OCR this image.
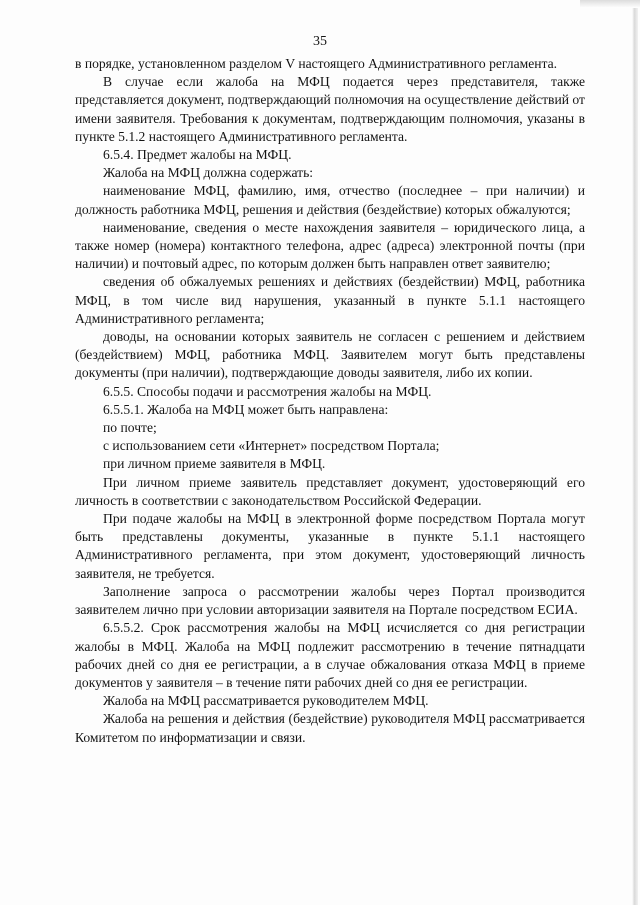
35

в порядке, установленном разделом V настоящего Административного регламента.

В случае если жалоба на МФЦ подается через представителя, также представляется документ, подтверждающий полномочия на осуществление действий от имени заявителя. Требования к документам, подтверждающим полномочия, указаны в пункте 5.1.2 настоящего Административного регламента.

6.5.4. Предмет жалобы на МФЦ.

Жалоба на МФЦ должна содержать:

наименование МФЦ, фамилию, имя, отчество (последнее – при наличии) и должность работника МФЦ, решения и действия (бездействие) которых обжалуются;

наименование, сведения о месте нахождения заявителя – юридического лица, а также номер (номера) контактного телефона, адрес (адреса) электронной почты (при наличии) и почтовый адрес, по которым должен быть направлен ответ заявителю;

сведения об обжалуемых решениях и действиях (бездействии) МФЦ, работника МФЦ, в том числе вид нарушения, указанный в пункте 5.1.1 настоящего Административного регламента;

доводы, на основании которых заявитель не согласен с решением и действием (бездействием) МФЦ, работника МФЦ. Заявителем могут быть представлены документы (при наличии), подтверждающие доводы заявителя, либо их копии.

6.5.5. Способы подачи и рассмотрения жалобы на МФЦ.

6.5.5.1. Жалоба на МФЦ может быть направлена:

по почте;

с использованием сети «Интернет» посредством Портала;

при личном приеме заявителя в МФЦ.

При личном приеме заявитель представляет документ, удостоверяющий его личность в соответствии с законодательством Российской Федерации.

При подаче жалобы на МФЦ в электронной форме посредством Портала могут быть представлены документы, указанные в пункте 5.1.1 настоящего Административного регламента, при этом документ, удостоверяющий личность заявителя, не требуется.

Заполнение запроса о рассмотрении жалобы через Портал производится заявителем лично при условии авторизации заявителя на Портале посредством ЕСИА.

6.5.5.2. Срок рассмотрения жалобы на МФЦ исчисляется со дня регистрации жалобы в МФЦ. Жалоба на МФЦ подлежит рассмотрению в течение пятнадцати рабочих дней со дня ее регистрации, а в случае обжалования отказа МФЦ в приеме документов у заявителя – в течение пяти рабочих дней со дня ее регистрации.

Жалоба на МФЦ рассматривается руководителем МФЦ.

Жалоба на решения и действия (бездействие) руководителя МФЦ рассматривается Комитетом по информатизации и связи.
